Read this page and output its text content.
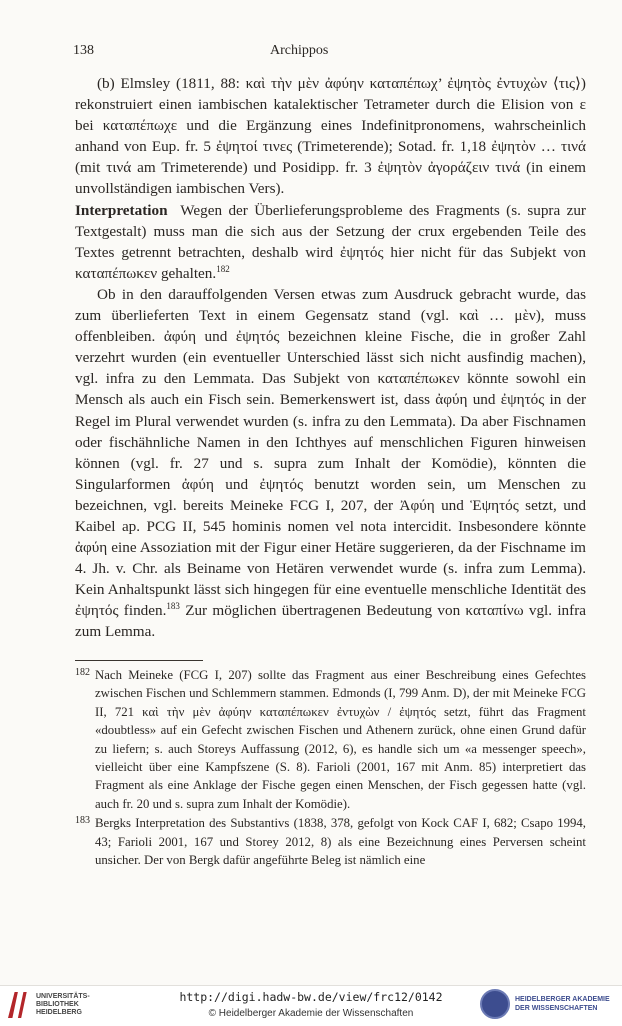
138	Archippos

(b) Elmsley (1811, 88: καὶ τὴν μὲν ἀφύην καταπέπωχ’ ἐψητὸς ἐντυχὼν ⟨τις⟩) rekonstruiert einen iambischen katalektischer Tetrameter durch die Elision von ε bei καταπέπωχε und die Ergänzung eines Indefinitpronomens, wahrscheinlich anhand von Eup. fr. 5 ἐψητοί τινες (Trimeterende); Sotad. fr. 1,18 ἐψητὸν … τινά (mit τινά am Trimeterende) und Posidipp. fr. 3 ἐψητὸν ἀγοράζειν τινά (in einem unvollständigen iambischen Vers).

Interpretation Wegen der Überlieferungsprobleme des Fragments (s. supra zur Textgestalt) muss man die sich aus der Setzung der crux ergebenden Teile des Textes getrennt betrachten, deshalb wird ἐψητός hier nicht für das Subjekt von καταπέπωκεν gehalten.$^{182}$

Ob in den darauffolgenden Versen etwas zum Ausdruck gebracht wurde, das zum überlieferten Text in einem Gegensatz stand (vgl. καὶ … μὲν), muss offenbleiben. ἀφύη und ἐψητός bezeichnen kleine Fische, die in großer Zahl verzehrt wurden (ein eventueller Unterschied lässt sich nicht ausfindig machen), vgl. infra zu den Lemmata. Das Subjekt von καταπέπωκεν könnte sowohl ein Mensch als auch ein Fisch sein. Bemerkenswert ist, dass ἀφύη und ἐψητός in der Regel im Plural verwendet wurden (s. infra zu den Lemmata). Da aber Fischnamen oder fischähnliche Namen in den Ichthyes auf menschlichen Figuren hinweisen können (vgl. fr. 27 und s. supra zum Inhalt der Komödie), könnten die Singularformen ἀφύη und ἐψητός benutzt worden sein, um Menschen zu bezeichnen, vgl. bereits Meineke FCG I, 207, der Ἀφύη und Ἑψητός setzt, und Kaibel ap. PCG II, 545 hominis nomen vel nota intercidit. Insbesondere könnte ἀφύη eine Assoziation mit der Figur einer Hetäre suggerieren, da der Fischname im 4. Jh. v. Chr. als Beiname von Hetären verwendet wurde (s. infra zum Lemma). Kein Anhaltspunkt lässt sich hingegen für eine eventuelle menschliche Identität des ἐψητός finden.$^{183}$ Zur möglichen übertragenen Bedeutung von καταπίνω vgl. infra zum Lemma.

182 Nach Meineke (FCG I, 207) sollte das Fragment aus einer Beschreibung eines Gefechtes zwischen Fischen und Schlemmern stammen. Edmonds (I, 799 Anm. D), der mit Meineke FCG II, 721 καὶ τὴν μὲν ἀφύην καταπέπωκεν ἐντυχὼν / ἐψητός setzt, führt das Fragment «doubtless» auf ein Gefecht zwischen Fischen und Athenern zurück, ohne einen Grund dafür zu liefern; s. auch Storeys Auffassung (2012, 6), es handle sich um «a messenger speech», vielleicht über eine Kampfszene (S. 8). Farioli (2001, 167 mit Anm. 85) interpretiert das Fragment als eine Anklage der Fische gegen einen Menschen, der Fisch gegessen hatte (vgl. auch fr. 20 und s. supra zum Inhalt der Komödie).

183 Bergks Interpretation des Substantivs (1838, 378, gefolgt von Kock CAF I, 682; Csapo 1994, 43; Farioli 2001, 167 und Storey 2012, 8) als eine Bezeichnung eines Perversen scheint unsicher. Der von Bergk dafür angeführte Beleg ist nämlich eine

UNIVERSITÄTS- BIBLIOTHEK HEIDELBERG
http://digi.hadw-bw.de/view/frc12/0142
© Heidelberger Akademie der Wissenschaften
HEIDELBERGER AKADEMIE DER WISSENSCHAFTEN
